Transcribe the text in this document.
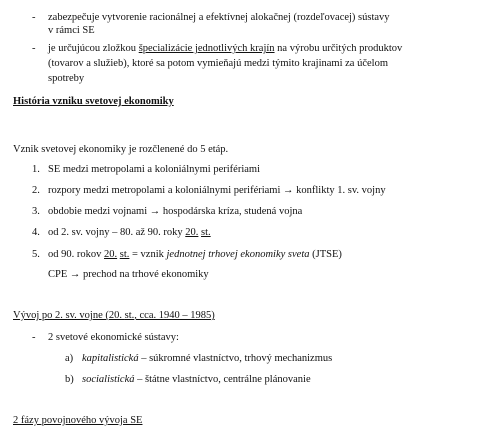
- zabezpečuje vytvorenie racionálnej a efektívnej alokačnej (rozdeľovacej) sústavy
v rámci SE
- je určujúcou zložkou špecializácie jednotlivých krajín na výrobu určitých produktov
(tovarov a služieb), ktoré sa potom vymieňajú medzi týmito krajinami za účelom
spotreby
História vzniku svetovej ekonomiky
Vznik svetovej ekonomiky je rozčlenené do 5 etáp.
1. SE medzi metropolami a koloniálnymi perifériami
2. rozpory medzi metropolami a koloniálnymi perifériami → konflikty 1. sv. vojny
3. obdobie medzi vojnami → hospodárska kríza, studená vojna
4. od 2. sv. vojny – 80. až 90. roky 20. st.
5. od 90. rokov 20. st. = vznik jednotnej trhovej ekonomiky sveta (JTSE)
CPE → prechod na trhové ekonomiky
Vývoj po 2. sv. vojne (20. st., cca. 1940 – 1985)
- 2 svetové ekonomické sústavy:
a) kapitalistická – súkromné vlastníctvo, trhový mechanizmus
b) socialistická – štátne vlastníctvo, centrálne plánovanie
2 fázy povojnového vývoja SE
